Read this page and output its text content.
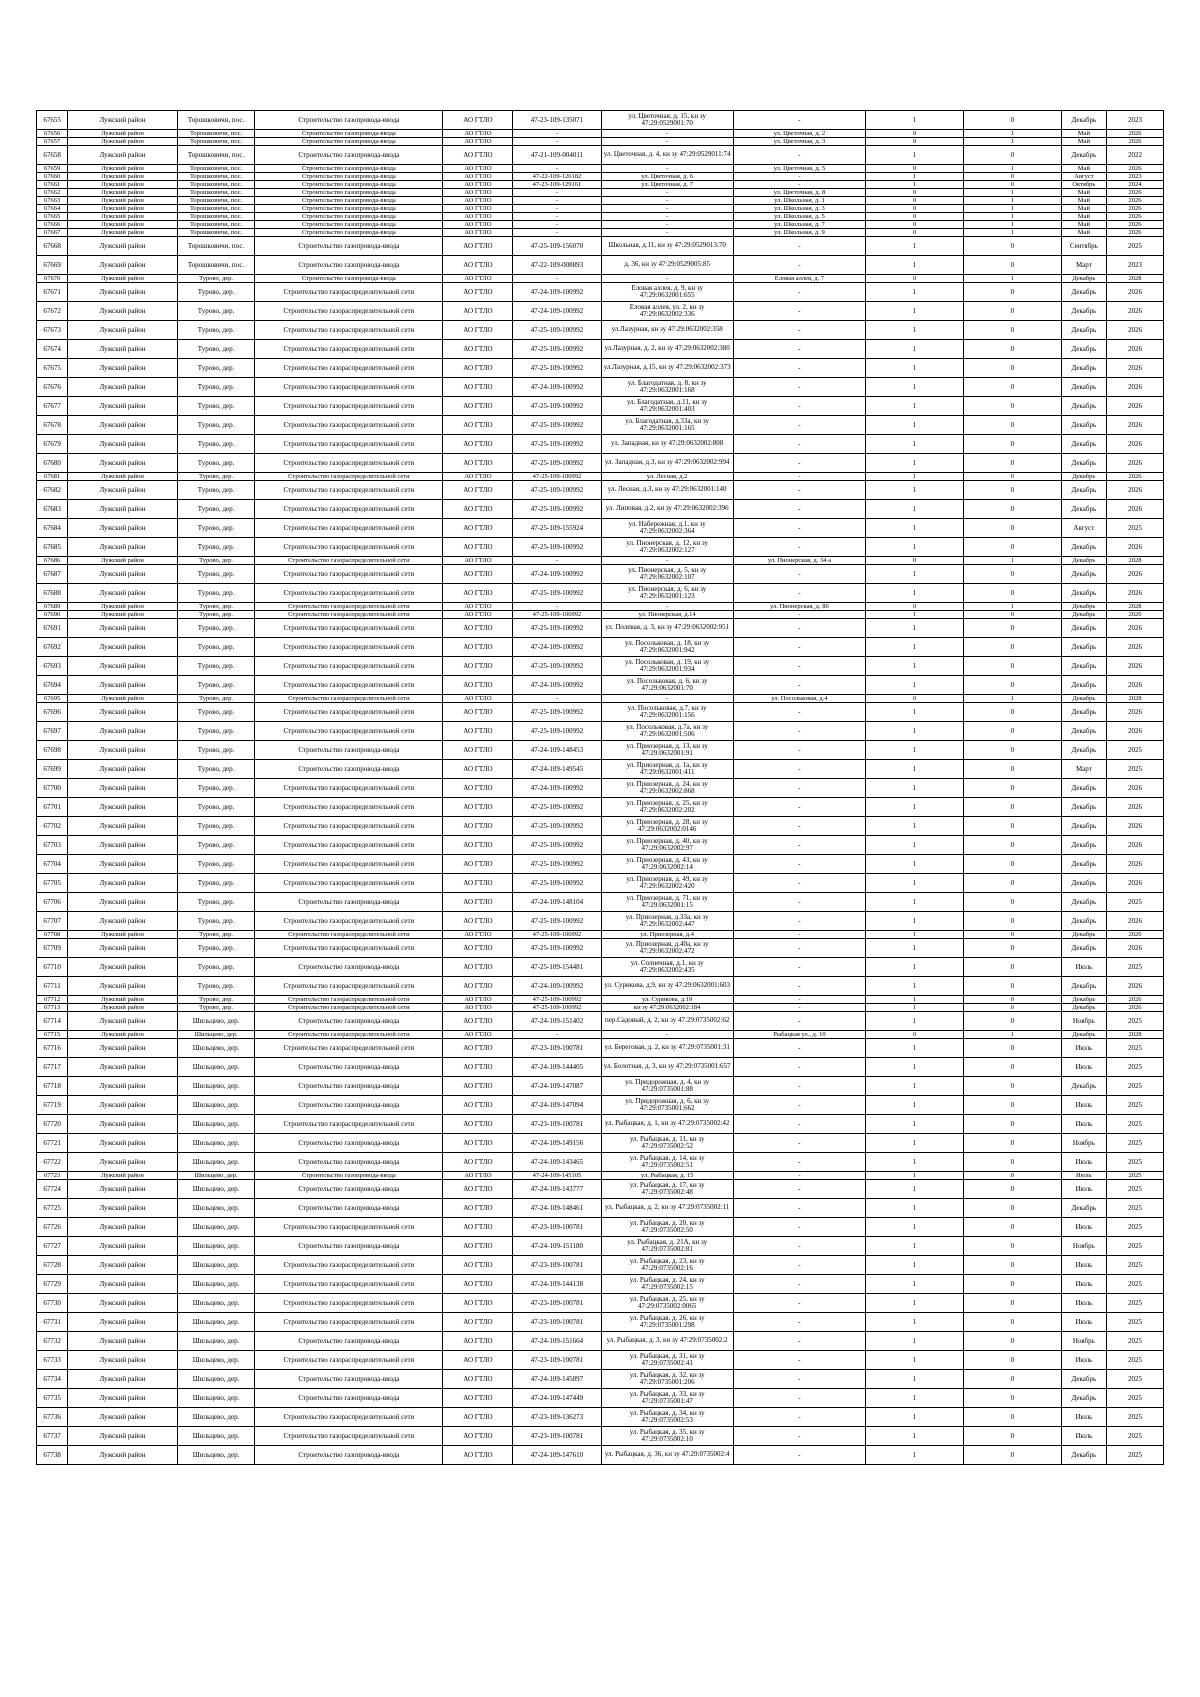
67655	Лужский район	Торошковичи, пос.	Строительство газопровода-ввода	АО ГТЛО	47-23-109-135071	ул. Цветочная, д. 15, кн зу 47:29:0529001:70	-	1	0	Декабрь	2023
67656	Лужский район	Торошковичи, пос.	Строительство газопровода-ввода	АО ГТЛО	-	-	ул. Цветочная, д. 2	0	1	Май	2026
67657	Лужский район	Торошковичи, пос.	Строительство газопровода-ввода	АО ГТЛО	-	-	ул. Цветочная, д. 3	0	1	Май	2026
67658	Лужский район	Торошковичи, пос.	Строительство газопровода-ввода	АО ГТЛО	47-21-109-004011	ул. Цветочная, д. 4, кн зу 47:29:0529011:74	-	1	0	Декабрь	2022
67659	Лужский район	Торошковичи, пос.	Строительство газопровода-ввода	АО ГТЛО	-	-	ул. Цветочная, д. 5	0	1	Май	2026
67660	Лужский район	Торошковичи, пос.	Строительство газопровода-ввода	АО ГТЛО	47-22-109-126182	ул. Цветочная, д. 6	-	1	0	Август	2023
67661	Лужский район	Торошковичи, пос.	Строительство газопровода-ввода	АО ГТЛО	47-23-109-129161	ул. Цветочная, д. 7	-	1	0	Октябрь	2024
67662	Лужский район	Торошковичи, пос.	Строительство газопровода-ввода	АО ГТЛО	-	-	ул. Цветочная, д. 8	0	1	Май	2026
67663	Лужский район	Торошковичи, пос.	Строительство газопровода-ввода	АО ГТЛО	-	-	ул. Школьная, д. 1	0	1	Май	2026
67664	Лужский район	Торошковичи, пос.	Строительство газопровода-ввода	АО ГТЛО	-	-	ул. Школьная, д. 3	0	1	Май	2026
67665	Лужский район	Торошковичи, пос.	Строительство газопровода-ввода	АО ГТЛО	-	-	ул. Школьная, д. 5	0	1	Май	2026
67666	Лужский район	Торошковичи, пос.	Строительство газопровода-ввода	АО ГТЛО	-	-	ул. Школьная, д. 7	0	1	Май	2026
67667	Лужский район	Торошковичи, пос.	Строительство газопровода-ввода	АО ГТЛО	-	-	ул. Школьная, д. 9	0	1	Май	2026
67668	Лужский район	Торошковичи, пос.	Строительство газопровода-ввода	АО ГТЛО	47-25-109-156070	Школьная, д.11, кн зу 47:29:0529013:70	-	1	0	Сентябрь	2025
67669	Лужский район	Торошковичи, пос.	Строительство газопровода-ввода	АО ГТЛО	47-22-109-008893	д. 36, кн зу 47:29:0529005:85	-	1	0	Март	2023
67670	Лужский район	Турово, дер.	Строительство газопровода-ввода	АО ГТЛО	-	-	Еловая аллея, д. 7	0	1	Декабрь	2028
67671	Лужский район	Турово, дер.	Строительство газораспределительной сети	АО ГТЛО	47-24-109-100992	Еловая аллея, д. 9, кн зу 47:29:0632001:655	-	1	0	Декабрь	2026
67672	Лужский район	Турово, дер.	Строительство газораспределительной сети	АО ГТЛО	47-24-109-100992	Еловая аллея, ул. 2, кн зу 47:29:0632002:336	-	1	0	Декабрь	2026
67673	Лужский район	Турово, дер.	Строительство газораспределительной сети	АО ГТЛО	47-25-109-100992	ул.Лазурная, кн зу 47:29:0632002:358	-	1	0	Декабрь	2026
67674	Лужский район	Турово, дер.	Строительство газораспределительной сети	АО ГТЛО	47-25-109-100992	ул.Лазурная, д. 2, кн зу 47:29:0632002:380	-	1	0	Декабрь	2026
67675	Лужский район	Турово, дер.	Строительство газораспределительной сети	АО ГТЛО	47-25-109-100992	ул.Лазурная, д.15, кн зу 47:29:0632002:373	-	1	0	Декабрь	2026
67676	Лужский район	Турово, дер.	Строительство газораспределительной сети	АО ГТЛО	47-24-109-100992	ул. Благодатная, д. 8, кн зу 47:29:0632001:168	-	1	0	Декабрь	2026
67677	Лужский район	Турово, дер.	Строительство газораспределительной сети	АО ГТЛО	47-25-109-100992	ул. Благодатная, д.11, кн зу 47:29:0632001:403	-	1	0	Декабрь	2026
67678	Лужский район	Турово, дер.	Строительство газораспределительной сети	АО ГТЛО	47-25-109-100992	ул. Благодатная, д.33а, кн зу 47:29:0632001:165	-	1	0	Декабрь	2026
67679	Лужский район	Турово, дер.	Строительство газораспределительной сети	АО ГТЛО	47-25-109-100992	ул. Западная, кн зу 47:29:0632002:808	-	1	0	Декабрь	2026
67680	Лужский район	Турово, дер.	Строительство газораспределительной сети	АО ГТЛО	47-25-109-100992	ул. Западная, д.3, кн зу 47:29:0632002:994	-	1	0	Декабрь	2026
67681	Лужский район	Турово, дер.	Строительство газораспределительной сети	АО ГТЛО	47-25-109-100992	ул. Лесная, д.2	-	1	0	Декабрь	2026
67682	Лужский район	Турово, дер.	Строительство газораспределительной сети	АО ГТЛО	47-25-109-100992	ул. Лесная, д.3, кн зу 47:29:0632001:140	-	1	0	Декабрь	2026
67683	Лужский район	Турово, дер.	Строительство газораспределительной сети	АО ГТЛО	47-25-109-100992	ул. Липовая, д.2, кн зу 47:29:0632002:396	-	1	0	Декабрь	2026
67684	Лужский район	Турово, дер.	Строительство газораспределительной сети	АО ГТЛО	47-25-109-155924	ул. Набережная, д.1, кн зу 47:29:0632002:364	-	1	0	Август	2025
67685	Лужский район	Турово, дер.	Строительство газораспределительной сети	АО ГТЛО	47-25-109-100992	ул. Пионерская, д. 12, кн зу 47:29:0632002:127	-	1	0	Декабрь	2026
67686	Лужский район	Турово, дер.	Строительство газораспределительной сети	АО ГТЛО	-	-	ул. Пионерская, д. 34 а	0	1	Декабрь	2028
67687	Лужский район	Турово, дер.	Строительство газораспределительной сети	АО ГТЛО	47-24-109-100992	ул. Пионерская, д. 5, кн зу 47:29:0632002:107	-	1	0	Декабрь	2026
67688	Лужский район	Турово, дер.	Строительство газораспределительной сети	АО ГТЛО	47-25-109-100992	ул. Пионерская, д. 6, кн зу 47:29:0632001:123	-	1	0	Декабрь	2026
67689	Лужский район	Турово, дер.	Строительство газораспределительной сети	АО ГТЛО	-	-	ул. Пионерская, д. 86	0	1	Декабрь	2028
67690	Лужский район	Турово, дер.	Строительство газораспределительной сети	АО ГТЛО	47-25-109-100992	ул. Пионерская, д.14	-	1	0	Декабрь	2026
67691	Лужский район	Турово, дер.	Строительство газораспределительной сети	АО ГТЛО	47-25-109-100992	ул. Полевая, д. 3, кн зу 47:29:0632002:951	-	1	0	Декабрь	2026
67692	Лужский район	Турово, дер.	Строительство газораспределительной сети	АО ГТЛО	47-24-109-100992	ул. Посольковая, д. 18, кн зу 47:29:0632001:942	-	1	0	Декабрь	2026
67693	Лужский район	Турово, дер.	Строительство газораспределительной сети	АО ГТЛО	47-25-109-100992	ул. Посольковая, д. 19, кн зу 47:29:0632001:934	-	1	0	Декабрь	2026
67694	Лужский район	Турово, дер.	Строительство газораспределительной сети	АО ГТЛО	47-24-109-100992	ул. Посольковая, д. 6, кн зу 47:29:0632001:70	-	1	0	Декабрь	2026
67695	Лужский район	Турово, дер.	Строительство газораспределительной сети	АО ГТЛО	-	-	ул. Посольковая, д.4	0	1	Декабрь	2028
67696	Лужский район	Турово, дер.	Строительство газораспределительной сети	АО ГТЛО	47-25-109-100992	ул. Посольковая, д.7, кн зу 47:29:0632001:156	-	1	0	Декабрь	2026
67697	Лужский район	Турово, дер.	Строительство газораспределительной сети	АО ГТЛО	47-25-109-100992	ул. Посольковая, д.7а, кн зу 47:29:0632001:506	-	1	0	Декабрь	2026
67698	Лужский район	Турово, дер.	Строительство газопровода-ввода	АО ГТЛО	47-24-109-148453	ул. Приозерная, д. 13, кн зу 47:29:0632001:91	-	1	0	Декабрь	2025
67699	Лужский район	Турово, дер.	Строительство газопровода-ввода	АО ГТЛО	47-24-109-149545	ул. Приозерная, д. 1а, кн зу 47:29:0632001:411	-	1	0	Март	2025
67700	Лужский район	Турово, дер.	Строительство газораспределительной сети	АО ГТЛО	47-24-109-100992	ул. Приозерная, д. 24, кн зу 47:29:0632002:868	-	1	0	Декабрь	2026
67701	Лужский район	Турово, дер.	Строительство газораспределительной сети	АО ГТЛО	47-25-109-100992	ул. Приозерная, д. 25, кн зу 47:29:0632002:202	-	1	0	Декабрь	2026
67702	Лужский район	Турово, дер.	Строительство газораспределительной сети	АО ГТЛО	47-25-109-100992	ул. Приозерная, д. 28, кн зу 47:29:0632002:0146	-	1	0	Декабрь	2026
67703	Лужский район	Турово, дер.	Строительство газораспределительной сети	АО ГТЛО	47-25-109-100992	ул. Приозерная, д. 40, кн зу 47:29:0632002:97	-	1	0	Декабрь	2026
67704	Лужский район	Турово, дер.	Строительство газораспределительной сети	АО ГТЛО	47-25-109-100992	ул. Приозерная, д. 43, кн зу 47:29:0632002:14	-	1	0	Декабрь	2026
67705	Лужский район	Турово, дер.	Строительство газораспределительной сети	АО ГТЛО	47-25-109-100992	ул. Приозерная, д. 49, кн зу 47:29:0632002:420	-	1	0	Декабрь	2026
67706	Лужский район	Турово, дер.	Строительство газопровода-ввода	АО ГТЛО	47-24-109-148104	ул. Приозерная, д. 71, кн зу 47:29:0632001:15	-	1	0	Декабрь	2025
67707	Лужский район	Турово, дер.	Строительство газораспределительной сети	АО ГТЛО	47-25-109-100992	ул. Приозерная, д.33а, кн зу 47:29:0632002:447	-	1	0	Декабрь	2026
67708	Лужский район	Турово, дер.	Строительство газораспределительной сети	АО ГТЛО	47-25-109-100992	ул. Приозерная, д.4	-	1	0	Декабрь	2026
67709	Лужский район	Турово, дер.	Строительство газораспределительной сети	АО ГТЛО	47-25-109-100992	ул. Приозерная, д.40а, кн зу 47:29:0632002:472	-	1	0	Декабрь	2026
67710	Лужский район	Турово, дер.	Строительство газопровода-ввода	АО ГТЛО	47-25-109-154481	ул. Солнечная, д.1, кн зу 47:29:0632002:435	-	1	0	Июль	2025
67711	Лужский район	Турово, дер.	Строительство газораспределительной сети	АО ГТЛО	47-24-109-100992	ул. Сурикова, д.9, кн зу 47:29:0632001:603	-	1	0	Декабрь	2026
67712	Лужский район	Турово, дер.	Строительство газораспределительной сети	АО ГТЛО	47-25-109-100992	ул. Сурикова, д.19	-	1	0	Декабрь	2026
67713	Лужский район	Турово, дер.	Строительство газораспределительной сети	АО ГТЛО	47-25-109-100992	кн зу 47:29:0632002:184	-	1	0	Декабрь	2026
67714	Лужский район	Шильцево, дер.	Строительство газопровода-ввода	АО ГТЛО	47-24-109-151402	пер.Садовый, д. 2, кн зу 47:29:0735002:62	-	1	0	Ноябрь	2025
67715	Лужский район	Шильцево, дер.	Строительство газораспределительной сети	АО ГТЛО	-	-	Рыбацкая ул., д. 10	0	1	Декабрь	2028
67716	Лужский район	Шильцево, дер.	Строительство газораспределительной сети	АО ГТЛО	47-23-109-100781	ул. Береговая, д. 2, кн зу 47:29:0735001:31	-	1	0	Июль	2025
67717	Лужский район	Шильцево, дер.	Строительство газопровода-ввода	АО ГТЛО	47-24-109-144405	ул. Болотная, д. 3, кн зу 47:29:0735001:657	-	1	0	Июль	2025
67718	Лужский район	Шильцево, дер.	Строительство газопровода-ввода	АО ГТЛО	47-24-109-147087	ул. Придорожная, д. 4, кн зу 47:29:0735001:88	-	1	0	Декабрь	2025
67719	Лужский район	Шильцево, дер.	Строительство газопровода-ввода	АО ГТЛО	47-24-109-147094	ул. Придорожная, д. 6, кн зу 47:29:0735001:662	-	1	0	Июль	2025
67720	Лужский район	Шильцево, дер.	Строительство газораспределительной сети	АО ГТЛО	47-23-109-100781	ул. Рыбацкая, д. 1, кн зу 47:29:0735002:42	-	1	0	Июль	2025
67721	Лужский район	Шильцево, дер.	Строительство газопровода-ввода	АО ГТЛО	47-24-109-149156	ул. Рыбацкая, д. 11, кн зу 47:29:0735002:52	-	1	0	Ноябрь	2025
67722	Лужский район	Шильцево, дер.	Строительство газопровода-ввода	АО ГТЛО	47-24-109-143465	ул. Рыбацкая, д. 14, кн зу 47:29:0735002:51	-	1	0	Июль	2025
67723	Лужский район	Шильцево, дер.	Строительство газопровода-ввода	АО ГТЛО	47-24-109-145105	ул. Рыбацкая, д. 15	-	1	0	Июль	2025
67724	Лужский район	Шильцево, дер.	Строительство газопровода-ввода	АО ГТЛО	47-24-109-143777	ул. Рыбацкая, д. 17, кн зу 47:29:0735002:48	-	1	0	Июль	2025
67725	Лужский район	Шильцево, дер.	Строительство газопровода-ввода	АО ГТЛО	47-24-109-148461	ул. Рыбацкая, д. 2, кн зу 47:29:0735002:11	-	1	0	Декабрь	2025
67726	Лужский район	Шильцево, дер.	Строительство газораспределительной сети	АО ГТЛО	47-23-109-100781	ул. Рыбацкая, д. 20, кн зу 47:29:0735002:50	-	1	0	Июль	2025
67727	Лужский район	Шильцево, дер.	Строительство газопровода-ввода	АО ГТЛО	47-24-109-151180	ул. Рыбацкая, д. 21А, кн зу 47:29:0735002:81	-	1	0	Ноябрь	2025
67728	Лужский район	Шильцево, дер.	Строительство газораспределительной сети	АО ГТЛО	47-23-109-100781	ул. Рыбацкая, д. 23, кн зу 47:29:0735002:16	-	1	0	Июль	2025
67729	Лужский район	Шильцево, дер.	Строительство газораспределительной сети	АО ГТЛО	47-24-109-144138	ул. Рыбацкая, д. 24, кн зу 47:29:0735002:15	-	1	0	Июль	2025
67730	Лужский район	Шильцево, дер.	Строительство газораспределительной сети	АО ГТЛО	47-23-109-100781	ул. Рыбацкая, д. 25, кн зу 47:29:0735002:0065	-	1	0	Июль	2025
67731	Лужский район	Шильцево, дер.	Строительство газораспределительной сети	АО ГТЛО	47-23-109-100781	ул. Рыбацкая, д. 26, кн зу 47:29:0735001:298	-	1	0	Июль	2025
67732	Лужский район	Шильцево, дер.	Строительство газопровода-ввода	АО ГТЛО	47-24-109-151664	ул. Рыбацкая, д. 3, кн зу 47:29:0735002:2	-	1	0	Ноябрь	2025
67733	Лужский район	Шильцево, дер.	Строительство газораспределительной сети	АО ГТЛО	47-23-109-100781	ул. Рыбацкая, д. 31, кн зу 47:29:0735002:41	-	1	0	Июль	2025
67734	Лужский район	Шильцево, дер.	Строительство газопровода-ввода	АО ГТЛО	47-24-109-145897	ул. Рыбацкая, д. 32, кн зу 47:29:0735001:206	-	1	0	Декабрь	2025
67735	Лужский район	Шильцево, дер.	Строительство газопровода-ввода	АО ГТЛО	47-24-109-147449	ул. Рыбацкая, д. 33, кн зу 47:29:0735001:47	-	1	0	Декабрь	2025
67736	Лужский район	Шильцево, дер.	Строительство газораспределительной сети	АО ГТЛО	47-23-109-136273	ул. Рыбацкая, д. 34, кн зу 47:29:0735002:53	-	1	0	Июль	2025
67737	Лужский район	Шильцево, дер.	Строительство газораспределительной сети	АО ГТЛО	47-23-109-100781	ул. Рыбацкая, д. 35, кн зу 47:29:0735002:10	-	1	0	Июль	2025
67738	Лужский район	Шильцево, дер.	Строительство газопровода-ввода	АО ГТЛО	47-24-109-147610	ул. Рыбацкая, д. 36, кн зу 47:29:0735002:4	-	1	0	Декабрь	2025
